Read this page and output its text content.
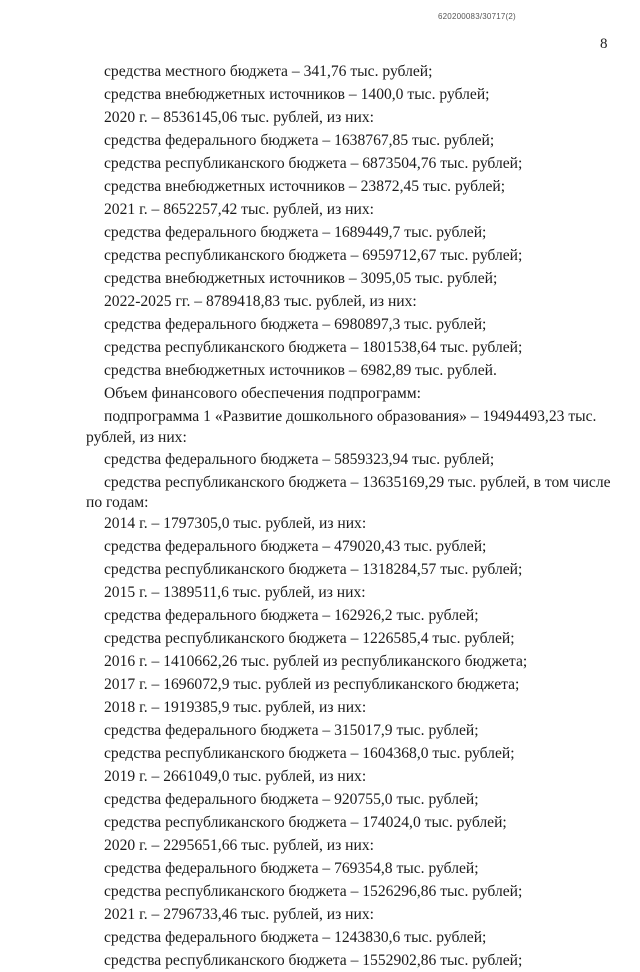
620200083/30717(2)
8
средства местного бюджета – 341,76 тыс. рублей;
средства внебюджетных источников – 1400,0 тыс. рублей;
2020 г. – 8536145,06 тыс. рублей, из них:
средства федерального бюджета – 1638767,85 тыс. рублей;
средства республиканского бюджета – 6873504,76 тыс. рублей;
средства внебюджетных источников – 23872,45 тыс. рублей;
2021 г. – 8652257,42 тыс. рублей, из них:
средства федерального бюджета – 1689449,7 тыс. рублей;
средства республиканского бюджета – 6959712,67 тыс. рублей;
средства внебюджетных источников – 3095,05 тыс. рублей;
2022-2025 гг. – 8789418,83 тыс. рублей, из них:
средства федерального бюджета – 6980897,3 тыс. рублей;
средства республиканского бюджета – 1801538,64 тыс. рублей;
средства внебюджетных источников – 6982,89 тыс. рублей.
Объем финансового обеспечения подпрограмм:
подпрограмма 1 «Развитие дошкольного образования» – 19494493,23 тыс.
рублей, из них:
средства федерального бюджета – 5859323,94 тыс. рублей;
средства республиканского бюджета – 13635169,29 тыс. рублей, в том числе
по годам:
2014 г. – 1797305,0 тыс. рублей, из них:
средства федерального бюджета – 479020,43 тыс. рублей;
средства республиканского бюджета – 1318284,57 тыс. рублей;
2015 г. – 1389511,6 тыс. рублей, из них:
средства федерального бюджета – 162926,2 тыс. рублей;
средства республиканского бюджета – 1226585,4 тыс. рублей;
2016 г. – 1410662,26 тыс. рублей из республиканского бюджета;
2017 г. – 1696072,9 тыс. рублей из республиканского бюджета;
2018 г. – 1919385,9 тыс. рублей, из них:
средства федерального бюджета – 315017,9 тыс. рублей;
средства республиканского бюджета – 1604368,0 тыс. рублей;
2019 г. – 2661049,0 тыс. рублей, из них:
средства федерального бюджета – 920755,0 тыс. рублей;
средства республиканского бюджета – 174024,0 тыс. рублей;
2020 г. – 2295651,66 тыс. рублей, из них:
средства федерального бюджета – 769354,8 тыс. рублей;
средства республиканского бюджета – 1526296,86 тыс. рублей;
2021 г. – 2796733,46 тыс. рублей, из них:
средства федерального бюджета – 1243830,6 тыс. рублей;
средства республиканского бюджета – 1552902,86 тыс. рублей;
